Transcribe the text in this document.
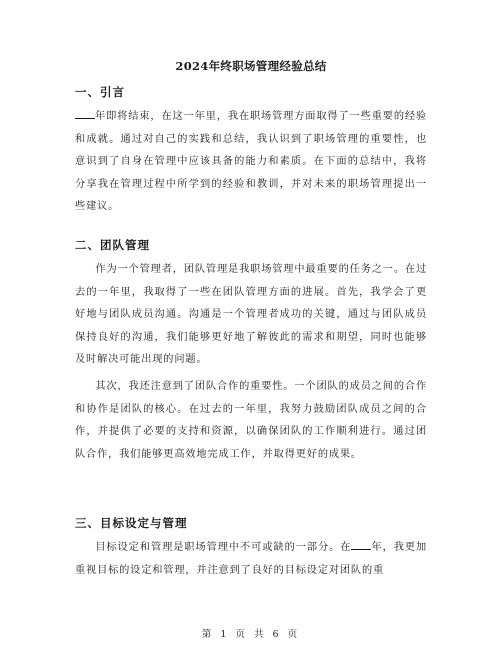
2024年终职场管理经验总结
一、引言
年即将结束，在这一年里，我在职场管理方面取得了一些重要的经验和成就。通过对自己的实践和总结，我认识到了职场管理的重要性，也意识到了自身在管理中应该具备的能力和素质。在下面的总结中，我将分享我在管理过程中所学到的经验和教训，并对未来的职场管理提出一些建议。
二、团队管理
作为一个管理者，团队管理是我职场管理中最重要的任务之一。在过去的一年里，我取得了一些在团队管理方面的进展。首先，我学会了更好地与团队成员沟通。沟通是一个管理者成功的关键，通过与团队成员保持良好的沟通，我们能够更好地了解彼此的需求和期望，同时也能够及时解决可能出现的问题。
其次，我还注意到了团队合作的重要性。一个团队的成员之间的合作和协作是团队的核心。在过去的一年里，我努力鼓励团队成员之间的合作，并提供了必要的支持和资源，以确保团队的工作顺利进行。通过团队合作，我们能够更高效地完成工作，并取得更好的成果。
三、目标设定与管理
目标设定和管理是职场管理中不可或缺的一部分。在 年，我更加重视目标的设定和管理，并注意到了良好的目标设定对团队的重
第 1 页 共 6 页
